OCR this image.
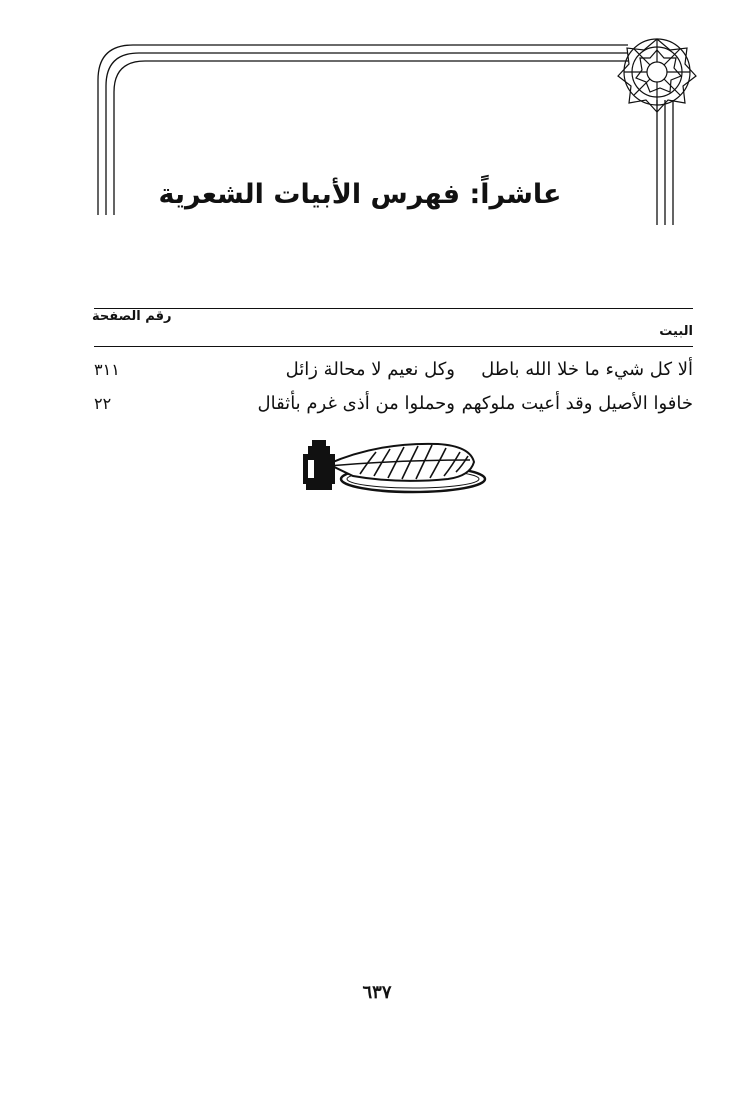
عاشراً: فهرس الأبيات الشعرية
رقم الصفحة
البيت
ألا كل شيء ما خلا الله باطل
وكل نعيم لا محالة زائل
٣١١
خافوا الأصيل وقد أعيت ملوكهم
وحملوا من أذى غرم بأثقال
٢٢
٦٣٧
